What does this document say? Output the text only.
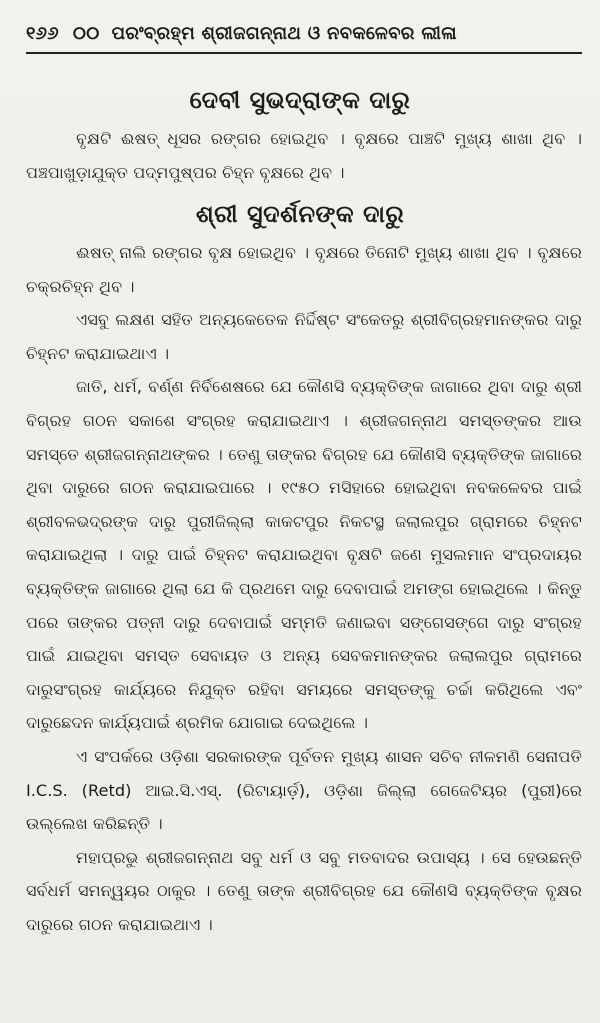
୧୬୬ ୦୦ ପରଂବ୍ରହ୍ମ ଶ୍ରୀଜଗନ୍ନାଥ ଓ ନବକଳେବର ଲୀଳା
ଦେବୀ ସୁଭଦ୍ରାଙ୍କ ଦାରୁ

ବୃକ୍ଷଟି ଈଷତ୍ ଧୂସର ରଙ୍ଗର ହୋଇଥିବ । ବୃକ୍ଷରେ ପାଞ୍ଚଟି ମୁଖ୍ୟ ଶାଖା ଥିବ । ପଞ୍ଚପାଖୁଡ଼ାଯୁକ୍ତ ପଦ୍ମପୁଷ୍ପର ଚିହ୍ନ ବୃକ୍ଷରେ ଥିବ ।

ଶ୍ରୀ ସୁଦର୍ଶନଙ୍କ ଦାରୁ

ଈଷତ୍ ନାଲି ରଙ୍ଗର ବୃକ୍ଷ ହୋଇଥିବ । ବୃକ୍ଷରେ ତିନୋଟି ମୁଖ୍ୟ ଶାଖା ଥିବ । ବୃକ୍ଷରେ ଚକ୍ରଚିହ୍ନ ଥିବ ।

ଏସବୁ ଲକ୍ଷଣ ସହିତ ଅନ୍ୟକେତେକ ନିର୍ଦ୍ଦିଷ୍ଟ ସଂକେତରୁ ଶ୍ରୀବିଗ୍ରହମାନଙ୍କର ଦାରୁ ଚିହ୍ନଟ କରାଯାଇଥାଏ ।

ଜାତି, ଧର୍ମ, ବର୍ଣ୍ଣ ନିର୍ବିଶେଷରେ ଯେ କୌଣସି ବ୍ୟକ୍ତିଙ୍କ ଜାଗାରେ ଥିବା ଦାରୁ ଶ୍ରୀ ବିଗ୍ରହ ଗଠନ ସକାଶେ ସଂଗ୍ରହ କରାଯାଇଥାଏ । ଶ୍ରୀଜଗନ୍ନାଥ ସମସ୍ତଙ୍କର ଆଉ ସମସ୍ତେ ଶ୍ରୀଜଗନ୍ନାଥଙ୍କର । ତେଣୁ ତାଙ୍କର ବିଗ୍ରହ ଯେ କୌଣସି ବ୍ୟକ୍ତିଙ୍କ ଜାଗାରେ ଥିବା ଦାରୁରେ ଗଠନ କରାଯାଇପାରେ । ୧୯୫୦ ମସିହାରେ ହୋଇଥିବା ନବକଳେବର ପାଇଁ ଶ୍ରୀବଳଭଦ୍ରଙ୍କ ଦାରୁ ପୁରୀଜିଲ୍ଲା କାକଟପୁର ନିକଟସ୍ଥ ଜଲାଲପୁର ଗ୍ରାମରେ ଚିହ୍ନଟ କରାଯାଇଥିଲା । ଦାରୁ ପାଇଁ ଚିହ୍ନଟ କରାଯାଇଥିବା ବୃକ୍ଷଟି ଜଣେ ମୁସଲମାନ ସଂପ୍ରଦାୟର ବ୍ୟକ୍ତିଙ୍କ ଜାଗାରେ ଥିଲା ଯେ କି ପ୍ରଥମେ ଦାରୁ ଦେବାପାଇଁ ଅମଙ୍ଗ ହୋଇଥିଲେ । କିନ୍ତୁ ପରେ ତାଙ୍କର ପତ୍ନୀ ଦାରୁ ଦେବାପାଇଁ ସମ୍ମତି ଜଣାଇବା ସଙ୍ଗେସଙ୍ଗେ ଦାରୁ ସଂଗ୍ରହ ପାଇଁ ଯାଇଥିବା ସମସ୍ତ ସେବାୟତ ଓ ଅନ୍ୟ ସେବକମାନଙ୍କର ଜଲାଲପୁର ଗ୍ରାମରେ ଦାରୁସଂଗ୍ରହ କାର୍ଯ୍ୟରେ ନିଯୁକ୍ତ ରହିବା ସମୟରେ ସମସ୍ତଙ୍କୁ ଚର୍ଚ୍ଚା କରିଥିଲେ ଏବଂ ଦାରୁଛେଦନ କାର୍ଯ୍ୟପାଇଁ ଶ୍ରମିକ ଯୋଗାଇ ଦେଇଥିଲେ ।

ଏ ସଂପର୍କରେ ଓଡ଼ିଶା ସରକାରଙ୍କ ପୂର୍ବତନ ମୁଖ୍ୟ ଶାସନ ସଚିବ ନୀଳମଣି ସେନାପତି I.C.S. (Retd) ଆଇ.ସି.ଏସ୍. (ରିଟାୟାର୍ଡ଼), ଓଡ଼ିଶା ଜିଲ୍ଲା ଗେଜେଟିୟର (ପୁରୀ)ରେ ଉଲ୍ଲେଖ କରିଛନ୍ତି ।

ମହାପ୍ରଭୁ ଶ୍ରୀଜଗନ୍ନାଥ ସବୁ ଧର୍ମ ଓ ସବୁ ମତବାଦର ଉପାସ୍ୟ । ସେ ହେଉଛନ୍ତି ସର୍ବଧର୍ମ ସମନ୍ୱୟର ଠାକୁର । ତେଣୁ ତାଙ୍କ ଶ୍ରୀବିଗ୍ରହ ଯେ କୌଣସି ବ୍ୟକ୍ତିଙ୍କ ବୃକ୍ଷର ଦାରୁରେ ଗଠନ କରାଯାଇଥାଏ ।
